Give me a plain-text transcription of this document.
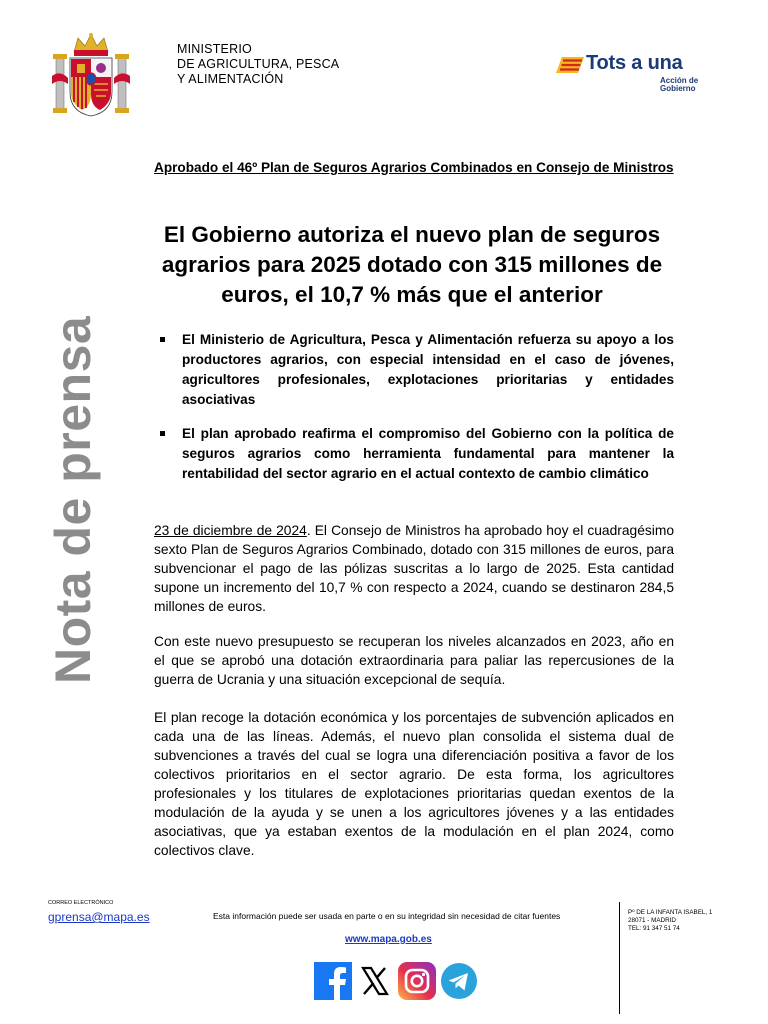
MINISTERIO
DE AGRICULTURA, PESCA
Y ALIMENTACIÓN
Tots a una
Acción de
Gobierno
Nota de prensa
Aprobado el 46º Plan de Seguros Agrarios Combinados en Consejo de Ministros
El Gobierno autoriza el nuevo plan de seguros agrarios para 2025 dotado con 315 millones de euros, el 10,7 % más que el anterior
El Ministerio de Agricultura, Pesca y Alimentación refuerza su apoyo a los productores agrarios, con especial intensidad en el caso de jóvenes, agricultores profesionales, explotaciones prioritarias y entidades asociativas
El plan aprobado reafirma el compromiso del Gobierno con la política de seguros agrarios como herramienta fundamental para mantener la rentabilidad del sector agrario en el actual contexto de cambio climático
23 de diciembre de 2024. El Consejo de Ministros ha aprobado hoy el cuadragésimo sexto Plan de Seguros Agrarios Combinado, dotado con 315 millones de euros, para subvencionar el pago de las pólizas suscritas a lo largo de 2025. Esta cantidad supone un incremento del 10,7 % con respecto a 2024, cuando se destinaron 284,5 millones de euros.
Con este nuevo presupuesto se recuperan los niveles alcanzados en 2023, año en el que se aprobó una dotación extraordinaria para paliar las repercusiones de la guerra de Ucrania y una situación excepcional de sequía.
El plan recoge la dotación económica y los porcentajes de subvención aplicados en cada una de las líneas. Además, el nuevo plan consolida el sistema dual de subvenciones a través del cual se logra una diferenciación positiva a favor de los colectivos prioritarios en el sector agrario. De esta forma, los agricultores profesionales y los titulares de explotaciones prioritarias quedan exentos de la modulación de la ayuda y se unen a los agricultores jóvenes y a las entidades asociativas, que ya estaban exentos de la modulación en el plan 2024, como colectivos clave.
CORREO ELECTRÓNICO
gprensa@mapa.es	Esta información puede ser usada en parte o en su integridad sin necesidad de citar fuentes
www.mapa.gob.es
Pº DE LA INFANTA ISABEL, 1
28071 - MADRID
TEL: 91 347 51 74
